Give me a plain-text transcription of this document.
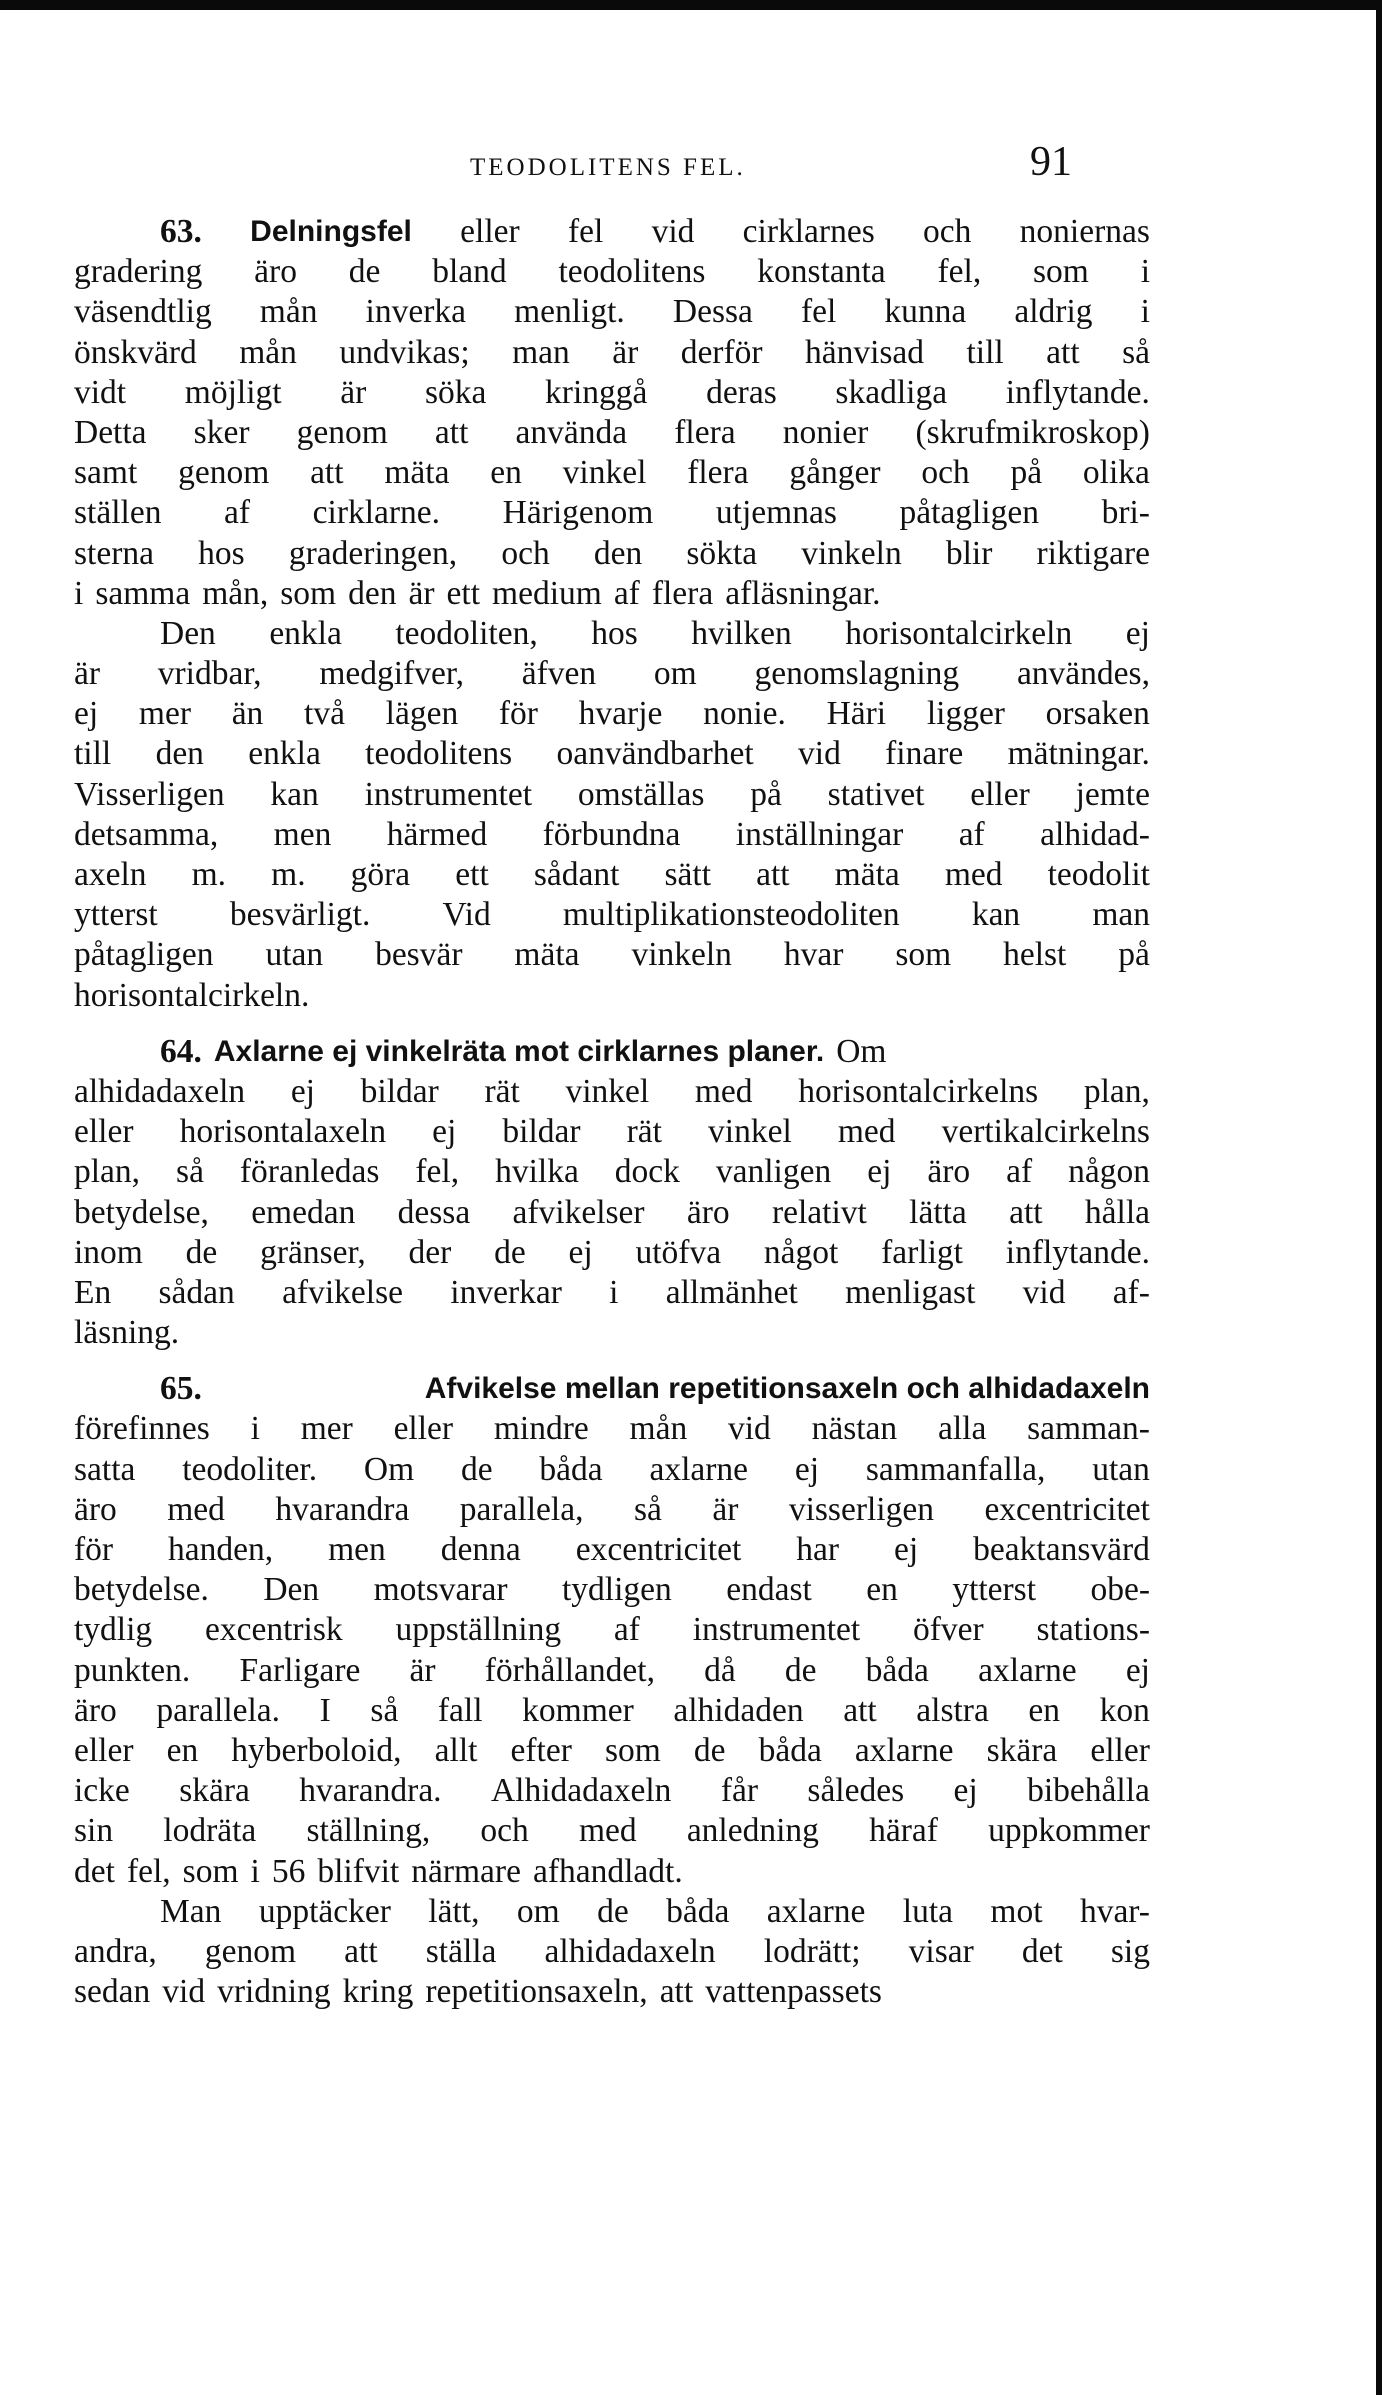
TEODOLITENS FEL.	91
63. Delningsfel eller fel vid cirklarnes och noniernas
gradering äro de bland teodolitens konstanta fel, som i
väsendtlig mån inverka menligt. Dessa fel kunna aldrig i
önskvärd mån undvikas; man är derför hänvisad till att så
vidt möjligt är söka kringgå deras skadliga inflytande.
Detta sker genom att använda flera nonier (skrufmikroskop)
samt genom att mäta en vinkel flera gånger och på olika
ställen af cirklarne. Härigenom utjemnas påtagligen bri-
sterna hos graderingen, och den sökta vinkeln blir riktigare
i samma mån, som den är ett medium af flera afläsningar.
Den enkla teodoliten, hos hvilken horisontalcirkeln ej
är vridbar, medgifver, äfven om genomslagning användes,
ej mer än två lägen för hvarje nonie. Häri ligger orsaken
till den enkla teodolitens oanvändbarhet vid finare mätningar.
Visserligen kan instrumentet omställas på stativet eller jemte
detsamma, men härmed förbundna inställningar af alhidad-
axeln m. m. göra ett sådant sätt att mäta med teodolit
ytterst besvärligt. Vid multiplikationsteodoliten kan man
påtagligen utan besvär mäta vinkeln hvar som helst på
horisontalcirkeln.
64. Axlarne ej vinkelräta mot cirklarnes planer. Om
alhidadaxeln ej bildar rät vinkel med horisontalcirkelns plan,
eller horisontalaxeln ej bildar rät vinkel med vertikalcirkelns
plan, så föranledas fel, hvilka dock vanligen ej äro af någon
betydelse, emedan dessa afvikelser äro relativt lätta att hålla
inom de gränser, der de ej utöfva något farligt inflytande.
En sådan afvikelse inverkar i allmänhet menligast vid af-
läsning.
65.	Afvikelse mellan repetitionsaxeln och alhidadaxeln
förefinnes i mer eller mindre mån vid nästan alla samman-
satta teodoliter. Om de båda axlarne ej sammanfalla, utan
äro med hvarandra parallela, så är visserligen excentricitet
för handen, men denna excentricitet har ej beaktansvärd
betydelse. Den motsvarar tydligen endast en ytterst obe-
tydlig excentrisk uppställning af instrumentet öfver stations-
punkten. Farligare är förhållandet, då de båda axlarne ej
äro parallela. I så fall kommer alhidaden att alstra en kon
eller en hyberboloid, allt efter som de båda axlarne skära eller
icke skära hvarandra. Alhidadaxeln får således ej bibehålla
sin lodräta ställning, och med anledning häraf uppkommer
det fel, som i 56 blifvit närmare afhandladt.
Man upptäcker lätt, om de båda axlarne luta mot hvar-
andra, genom att ställa alhidadaxeln lodrätt; visar det sig
sedan vid vridning kring repetitionsaxeln, att vattenpassets
